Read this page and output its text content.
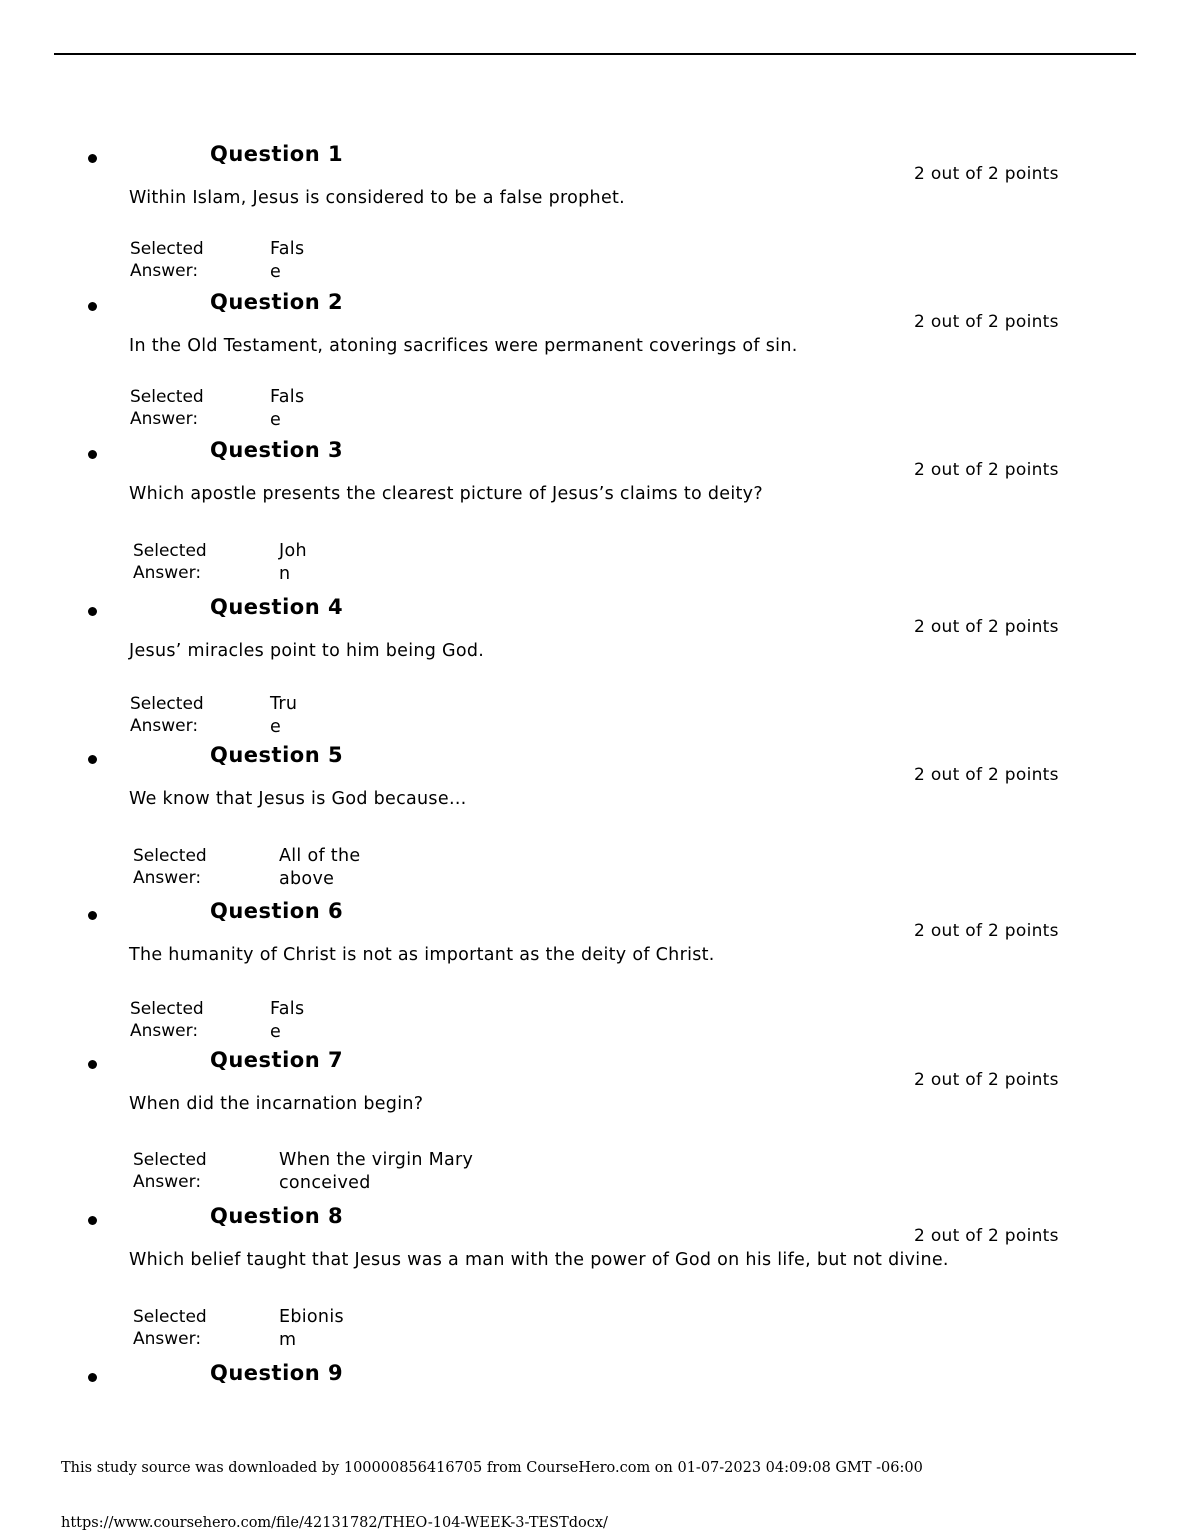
Question 1
2 out of 2 points
Within Islam, Jesus is considered to be a false prophet.
Selected Answer:
False
Question 2
2 out of 2 points
In the Old Testament, atoning sacrifices were permanent coverings of sin.
Selected Answer:
False
Question 3
2 out of 2 points
Which apostle presents the clearest picture of Jesus’s claims to deity?
Selected Answer:
John
Question 4
2 out of 2 points
Jesus’ miracles point to him being God.
Selected Answer:
True
Question 5
2 out of 2 points
We know that Jesus is God because…
Selected Answer:
All of the above
Question 6
2 out of 2 points
The humanity of Christ is not as important as the deity of Christ.
Selected Answer:
False
Question 7
2 out of 2 points
When did the incarnation begin?
Selected Answer:
When the virgin Mary conceived
Question 8
2 out of 2 points
Which belief taught that Jesus was a man with the power of God on his life, but not divine.
Selected Answer:
Ebionism
Question 9
This study source was downloaded by 100000856416705 from CourseHero.com on 01-07-2023 04:09:08 GMT -06:00
https://www.coursehero.com/file/42131782/THEO-104-WEEK-3-TESTdocx/
